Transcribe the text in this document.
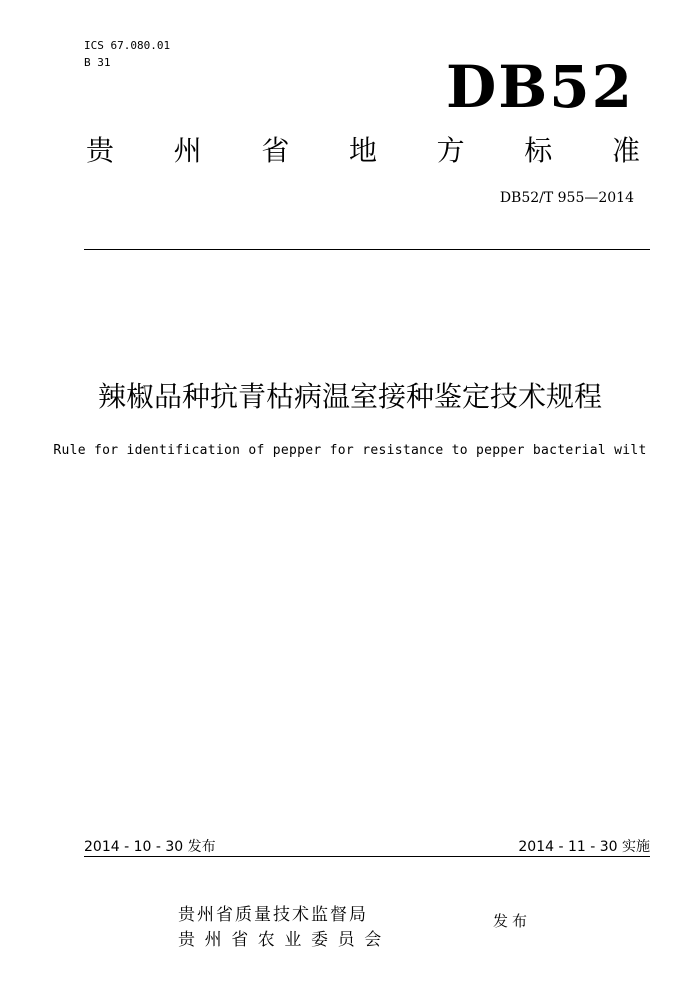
ICS 67.080.01
B 31	DB52
贵 州 省 地 方 标 准
DB52/T 955—2014
辣椒品种抗青枯病温室接种鉴定技术规程
Rule for identification of pepper for resistance to pepper bacterial wilt
2014 - 10 - 30 发布	2014 - 11 - 30 实施
贵州省质量技术监督局
贵州省农业委员会
发布
